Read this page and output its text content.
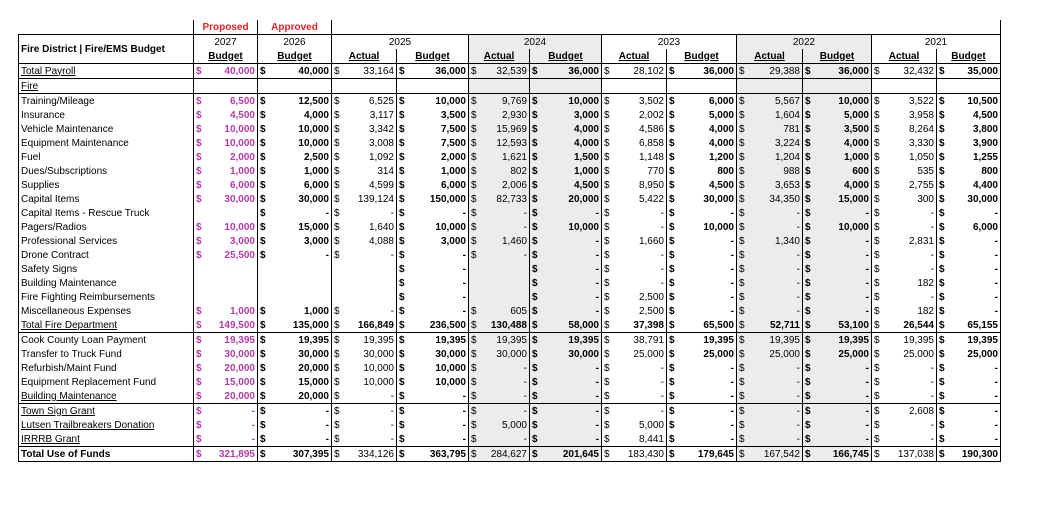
	Proposed	Approved										
Fire District | Fire/EMS Budget	2027	2026	2025		2024		2023		2022		2021	
	Budget	Budget	Actual	Budget	Actual	Budget	Actual	Budget	Actual	Budget	Actual	Budget
Total Payroll	$ 40,000	$ 40,000	$ 33,164	$ 36,000	$ 32,539	$ 36,000	$ 28,102	$ 36,000	$ 29,388	$ 36,000	$ 32,432	$ 35,000

Fire												
Training/Mileage	$ 6,500	$ 12,500	$ 6,525	$ 10,000	$ 9,769	$ 10,000	$ 3,502	$ 6,000	$ 5,567	$ 10,000	$ 3,522	$ 10,500

Insurance	$ 4,500	$ 4,000	$ 3,117	$ 3,500	$ 2,930	$ 3,000	$ 2,002	$ 5,000	$ 1,604	$ 5,000	$ 3,958	$ 4,500

Vehicle Maintenance	$ 10,000	$ 10,000	$ 3,342	$ 7,500	$ 15,969	$ 4,000	$ 4,586	$ 4,000	$ 781	$ 3,500	$ 8,264	$ 3,800

Equipment Maintenance	$ 10,000	$ 10,000	$ 3,008	$ 7,500	$ 12,593	$ 4,000	$ 6,858	$ 4,000	$ 3,224	$ 4,000	$ 3,330	$ 3,900

Fuel	$ 2,000	$ 2,500	$ 1,092	$ 2,000	$ 1,621	$ 1,500	$ 1,148	$ 1,200	$ 1,204	$ 1,000	$ 1,050	$ 1,255

Dues/Subscriptions	$ 1,000	$ 1,000	$ 314	$ 1,000	$ 802	$ 1,000	$ 770	$ 800	$ 988	$ 600	$ 535	$ 800

Supplies	$ 6,000	$ 6,000	$ 4,599	$ 6,000	$ 2,006	$ 4,500	$ 8,950	$ 4,500	$ 3,653	$ 4,000	$ 2,755	$ 4,400

Capital Items	$ 30,000	$ 30,000	$ 139,124	$ 150,000	$ 82,733	$ 20,000	$ 5,422	$ 30,000	$ 34,350	$ 15,000	$ 300	$ 30,000

Capital Items - Rescue Truck		$ -	$ -	$ -	$ -	$ -	$ -	$ -	$ -	$ -	$ -	$ -

Pagers/Radios	$ 10,000	$ 15,000	$ 1,640	$ 10,000	$ -	$ 10,000	$ -	$ 10,000	$ -	$ 10,000	$ -	$ 6,000

Professional Services	$ 3,000	$ 3,000	$ 4,088	$ 3,000	$ 1,460	$ -	$ 1,660	$ -	$ 1,340	$ -	$ 2,831	$ -

Drone Contract	$ 25,500	$ -	$ -	$ -	$ -	$ -	$ -	$ -	$ -	$ -	$ -	$ -

Safety Signs				$ -		$ -	$ -	$ -	$ -	$ -	$ -	$ -

Building Maintenance				$ -		$ -	$ -	$ -	$ -	$ -	$ 182	$ -

Fire Fighting Reimbursements				$ -		$ -	$ 2,500	$ -	$ -	$ -	$ -	$ -

Miscellaneous Expenses	$ 1,000	$ 1,000	$ -	$ -	$ 605	$ -	$ 2,500	$ -	$ -	$ -	$ 182	$ -

Total Fire Department	$ 149,500	$ 135,000	$ 166,849	$ 236,500	$ 130,488	$ 58,000	$ 37,398	$ 65,500	$ 52,711	$ 53,100	$ 26,544	$ 65,155

Cook County Loan Payment	$ 19,395	$ 19,395	$ 19,395	$ 19,395	$ 19,395	$ 19,395	$ 38,791	$ 19,395	$ 19,395	$ 19,395	$ 19,395	$ 19,395

Transfer to Truck Fund	$ 30,000	$ 30,000	$ 30,000	$ 30,000	$ 30,000	$ 30,000	$ 25,000	$ 25,000	$ 25,000	$ 25,000	$ 25,000	$ 25,000

Refurbish/Maint Fund	$ 20,000	$ 20,000	$ 10,000	$ 10,000	$ -	$ -	$ -	$ -	$ -	$ -	$ -	$ -

Equipment Replacement Fund	$ 15,000	$ 15,000	$ 10,000	$ 10,000	$ -	$ -	$ -	$ -	$ -	$ -	$ -	$ -

Building Maintenance	$ 20,000	$ 20,000	$ -	$ -	$ -	$ -	$ -	$ -	$ -	$ -	$ -	$ -

Town Sign Grant	$ -	$ -	$ -	$ -	$ -	$ -	$ -	$ -	$ -	$ -	$ 2,608	$ -

Lutsen Trailbreakers Donation	$ -	$ -	$ -	$ -	$ 5,000	$ -	$ 5,000	$ -	$ -	$ -	$ -	$ -

IRRRB Grant	$ -	$ -	$ -	$ -	$ -	$ -	$ 8,441	$ -	$ -	$ -	$ -	$ -

Total Use of Funds	$ 321,895	$ 307,395	$ 334,126	$ 363,795	$ 284,627	$ 201,645	$ 183,430	$ 179,645	$ 167,542	$ 166,745	$ 137,038	$ 190,300
